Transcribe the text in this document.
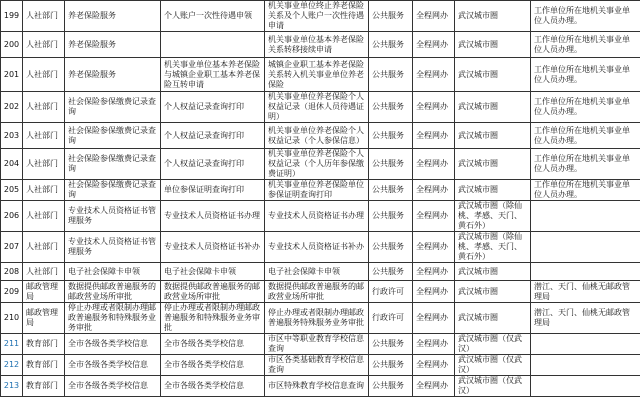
199	人社部门	养老保险服务	个人账户一次性待遇申领	机关事业单位终止养老保险关系及个人账户一次性待遇申请	公共服务	全程网办	武汉城市圈	工作单位所在地机关事业单位人员办理。
200	人社部门	养老保险服务		机关事业单位基本养老保险关系转移接续申请	公共服务	全程网办	武汉城市圈	工作单位所在地机关事业单位人员办理。
201	人社部门	养老保险服务	机关事业单位基本养老保险与城镇企业职工基本养老保险互转申请	城镇企业职工基本养老保险关系转入机关事业单位养老保险	公共服务	全程网办	武汉城市圈	工作单位所在地机关事业单位人员办理。
202	人社部门	社会保险参保缴费记录查询	个人权益记录查询打印	机关事业单位养老保险个人权益记录（退休人员待遇证明）	公共服务	全程网办	武汉城市圈	工作单位所在地机关事业单位人员办理。
203	人社部门	社会保险参保缴费记录查询	个人权益记录查询打印	机关事业单位养老保险个人权益记录（个人参保信息）	公共服务	全程网办	武汉城市圈	工作单位所在地机关事业单位人员办理。
204	人社部门	社会保险参保缴费记录查询	个人权益记录查询打印	机关事业单位养老保险个人权益记录（个人历年参保缴费证明）	公共服务	全程网办	武汉城市圈	工作单位所在地机关事业单位人员办理。
205	人社部门	社会保险参保缴费记录查询	单位参保证明查询打印	机关事业单位养老保险单位参保证明查询打印	公共服务	全程网办	武汉城市圈	工作单位所在地机关事业单位人员办理。
206	人社部门	专业技术人员资格证书管理服务	专业技术人员资格证书办理	专业技术人员资格证书办理	公共服务	全程网办	武汉城市圈（除仙桃、孝感、天门、黄石外）	
207	人社部门	专业技术人员资格证书管理服务	专业技术人员资格证书补办	专业技术人员资格证书补办	公共服务	全程网办	武汉城市圈（除仙桃、孝感、天门、黄石外）	
208	人社部门	电子社会保障卡申领	电子社会保障卡申领	电子社会保障卡申领	公共服务	全程网办	武汉城市圈	
209	邮政管理局	数据提供邮政普遍服务的邮政营业场所审批	数据提供邮政普遍服务的邮政营业场所审批	数据提供邮政普遍服务的邮政营业场所审批	行政许可	全程网办	武汉城市圈	潜江、天门、仙桃无邮政管理局
210	邮政管理局	停止办理或者限制办理邮政普遍服务和特殊服务业务审批	停止办理或者限制办理邮政普遍服务和特殊服务业务审批	停止办理或者限制办理邮政普遍服务特殊服务业务审批	行政许可	全程网办	武汉城市圈	潜江、天门、仙桃无邮政管理局
211	教育部门	全市各级各类学校信息	全市各级各类学校信息	市区中等职业教育学校信息查询	公共服务	全程网办	武汉城市圈（仅武汉）	
212	教育部门	全市各级各类学校信息	全市各级各类学校信息	市区各类基础教育学校信息查询	公共服务	全程网办	武汉城市圈（仅武汉）	
213	教育部门	全市各级各类学校信息	全市各级各类学校信息	市区特殊教育学校信息查询	公共服务	全程网办	武汉城市圈（仅武汉）	
